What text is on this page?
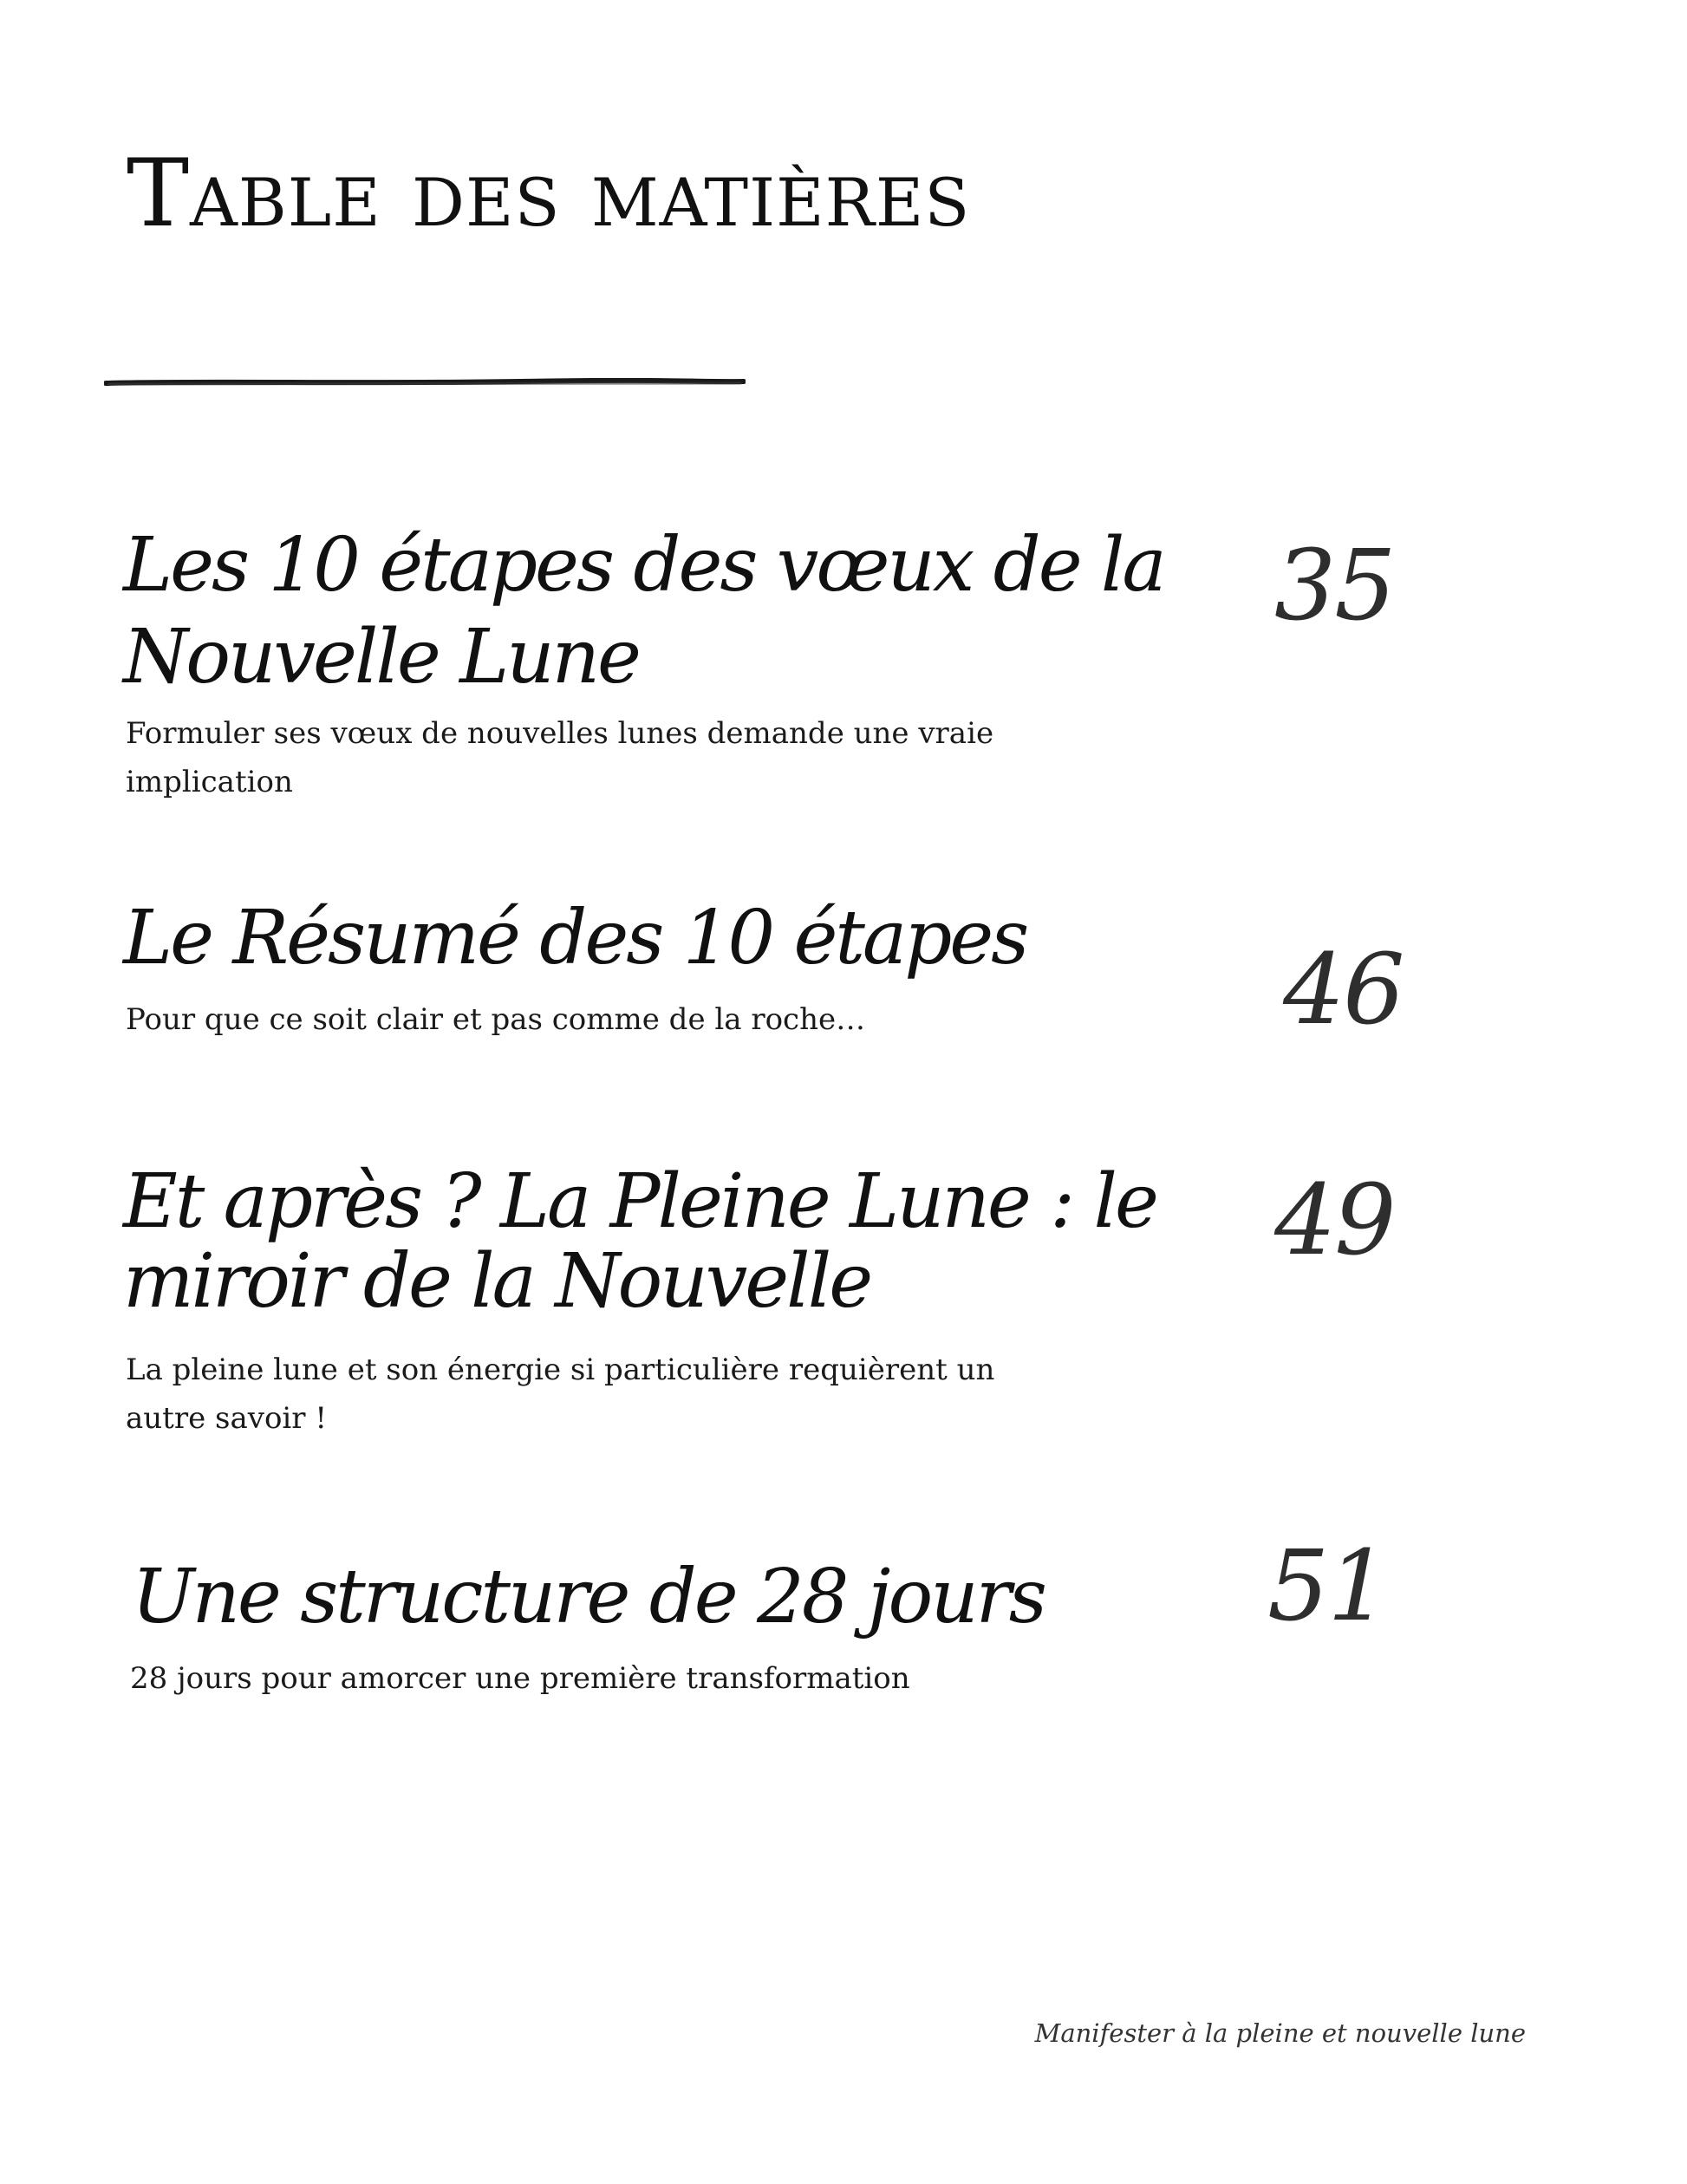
Table des matières

Les 10 étapes des vœux de la

Nouvelle Lune

Formuler ses vœux de nouvelles lunes demande une vraie implication

35

Le Résumé des 10 étapes

Pour que ce soit clair et pas comme de la roche…	46

Et après ? La Pleine Lune : le

miroir de la Nouvelle

La pleine lune et son énergie si particulière requièrent un autre savoir !

49

Une structure de 28 jours

28 jours pour amorcer une première transformation

51
Manifester à la pleine et nouvelle lune
